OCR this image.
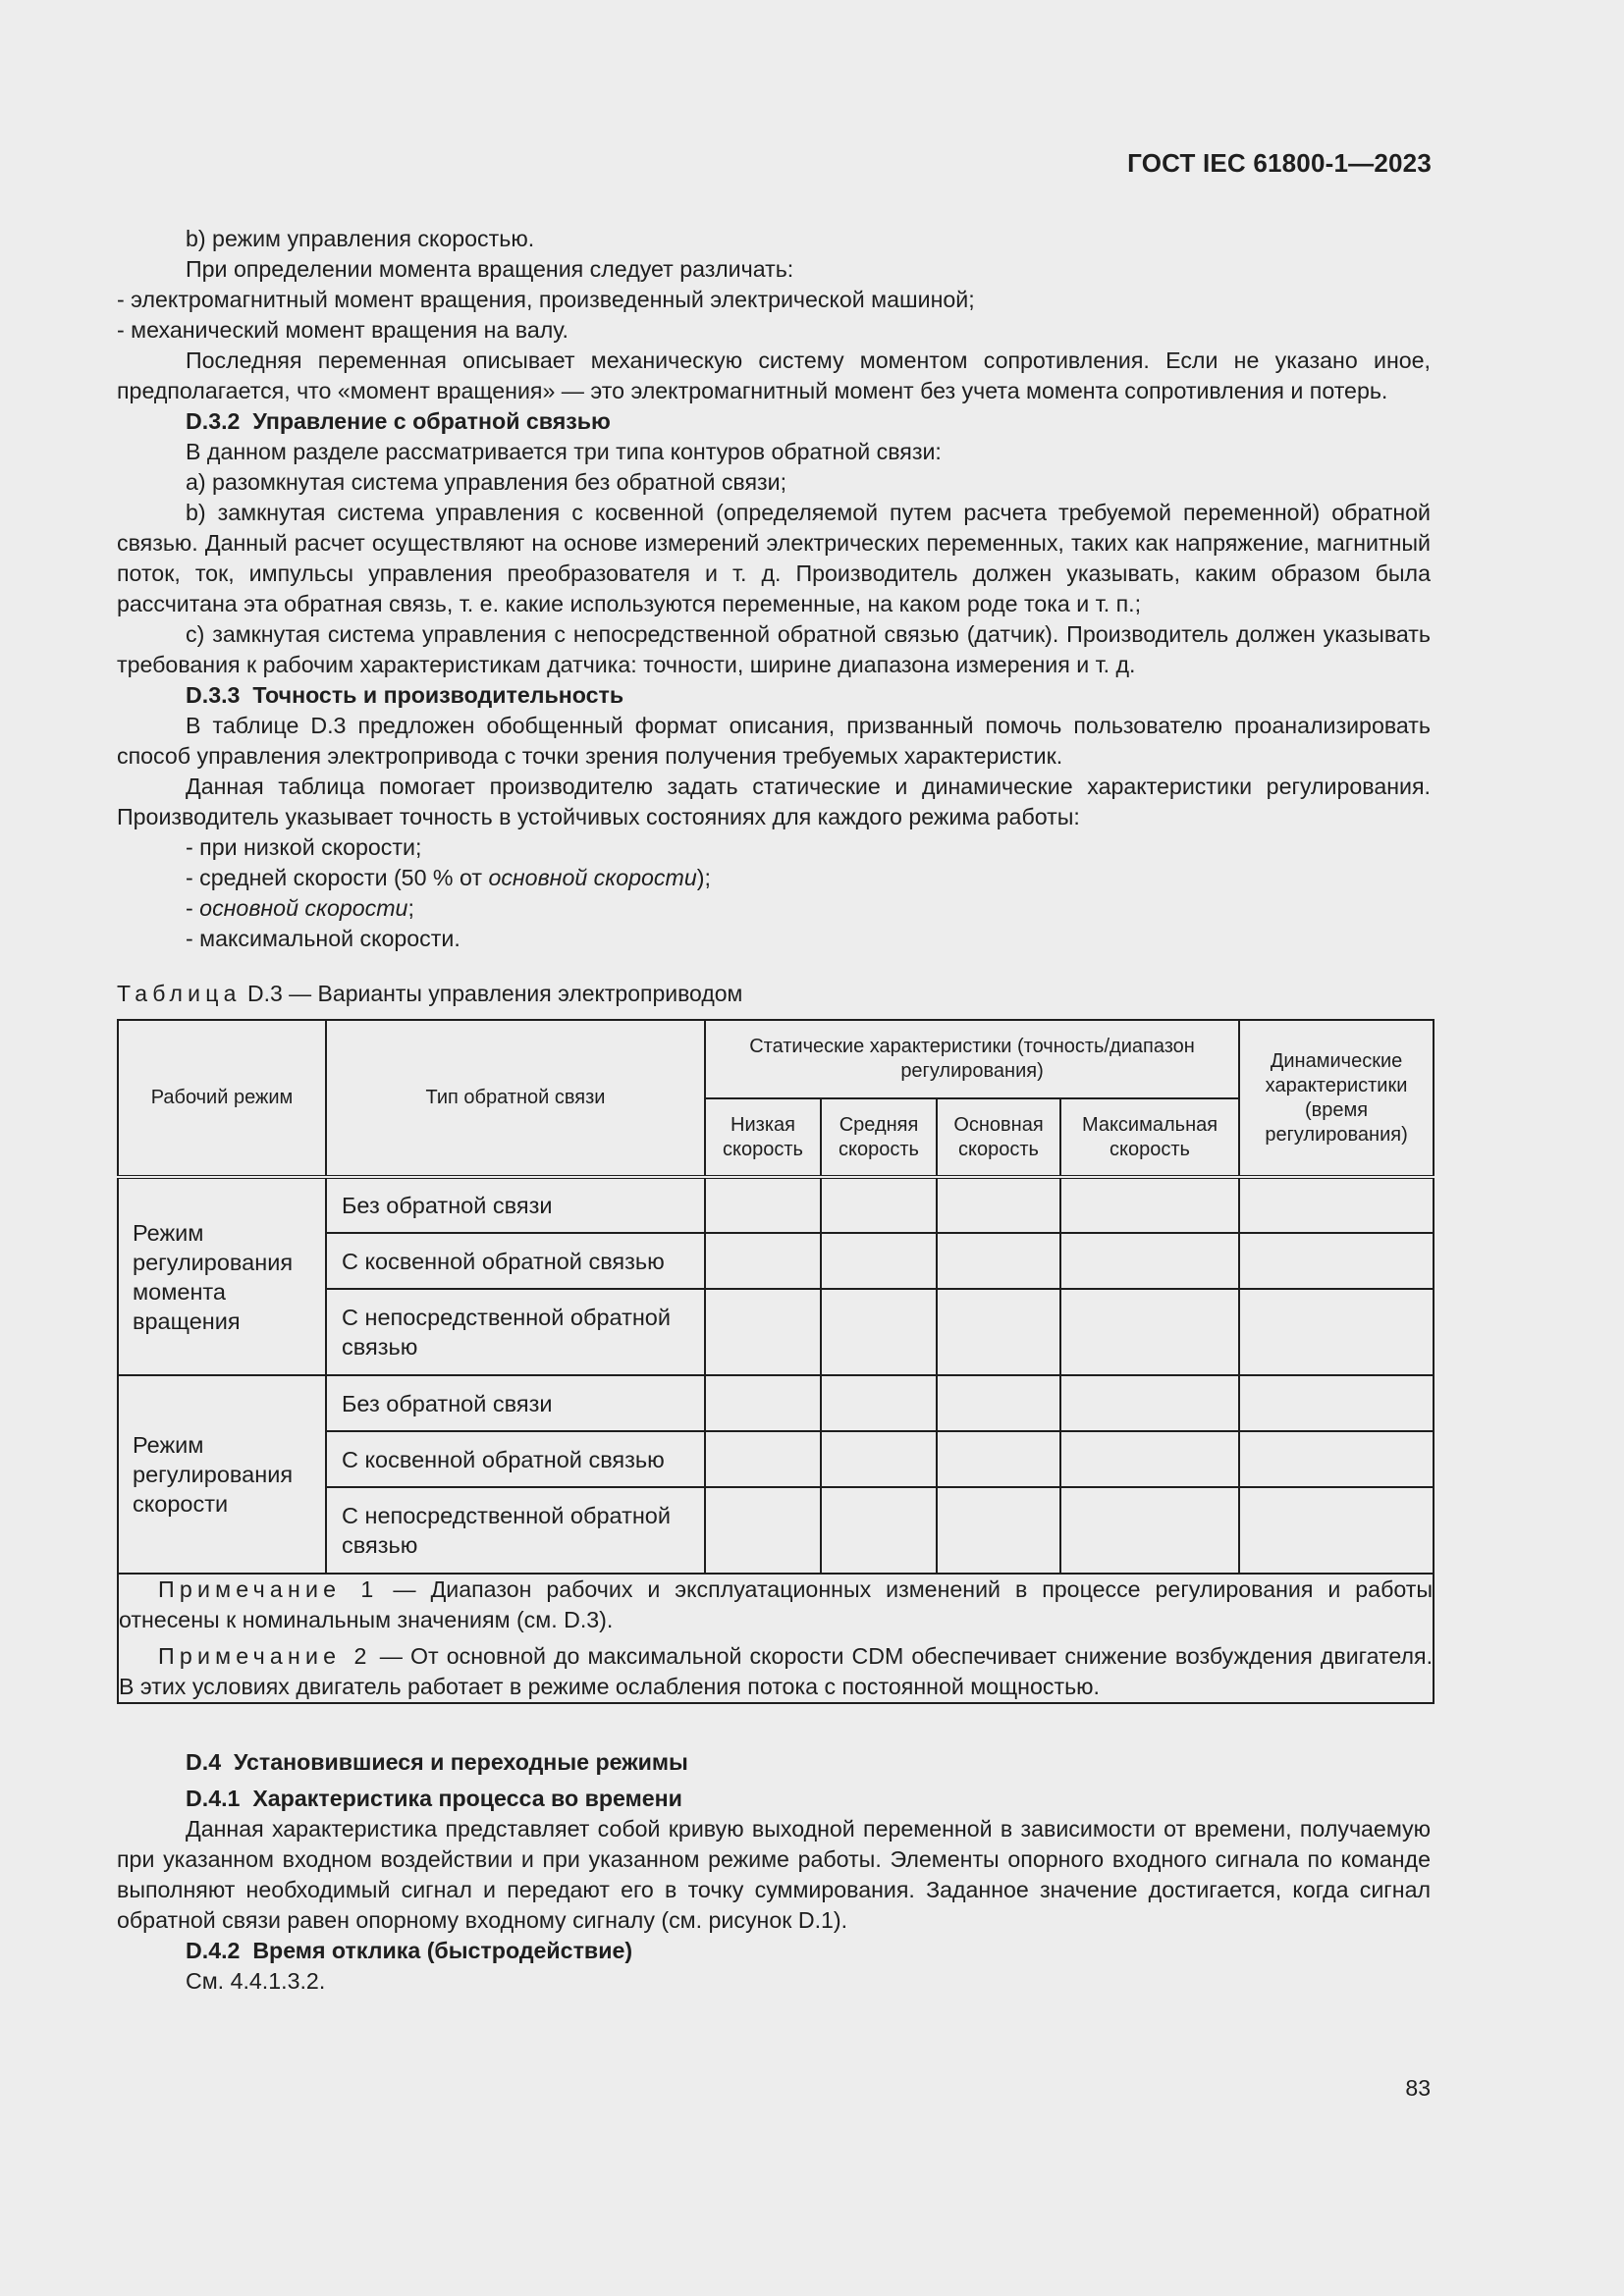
ГОСТ IEC 61800-1—2023

b) режим управления скоростью.

При определении момента вращения следует различать:

- электромагнитный момент вращения, произведенный электрической машиной;

- механический момент вращения на валу.

Последняя переменная описывает механическую систему моментом сопротивления. Если не указано иное, предполагается, что «момент вращения» — это электромагнитный момент без учета момента сопротивления и потерь.

D.3.2 Управление с обратной связью

В данном разделе рассматривается три типа контуров обратной связи:

a) разомкнутая система управления без обратной связи;

b) замкнутая система управления с косвенной (определяемой путем расчета требуемой переменной) обратной связью. Данный расчет осуществляют на основе измерений электрических переменных, таких как напряжение, магнитный поток, ток, импульсы управления преобразователя и т. д. Производитель должен указывать, каким образом была рассчитана эта обратная связь, т. е. какие используются переменные, на каком роде тока и т. п.;

c) замкнутая система управления с непосредственной обратной связью (датчик). Производитель должен указывать требования к рабочим характеристикам датчика: точности, ширине диапазона измерения и т. д.

D.3.3 Точность и производительность

В таблице D.3 предложен обобщенный формат описания, призванный помочь пользователю проанализировать способ управления электропривода с точки зрения получения требуемых характеристик.

Данная таблица помогает производителю задать статические и динамические характеристики регулирования. Производитель указывает точность в устойчивых состояниях для каждого режима работы:

- при низкой скорости;

- средней скорости (50 % от основной скорости);

- основной скорости;

- максимальной скорости.

Таблица D.3 — Варианты управления электроприводом

Рабочий режим	Тип обратной связи	Статические характеристики (точность/диапазон регулирования)				Динамические характеристики (время регулирования)
		Низкая скорость	Средняя скорость	Основная скорость	Максимальная скорость	
Режим регулирования момента вращения	Без обратной связи					
	С косвенной обратной связью					
	С непосредственной обратной связью					
Режим регулирования скорости	Без обратной связи					
	С косвенной обратной связью					
	С непосредственной обратной связью					

Примечание 1 — Диапазон рабочих и эксплуатационных изменений в процессе регулирования и работы отнесены к номинальным значениям (см. D.3).

Примечание 2 — От основной до максимальной скорости CDM обеспечивает снижение возбуждения двигателя. В этих условиях двигатель работает в режиме ослабления потока с постоянной мощностью.						

D.4 Установившиеся и переходные режимы

D.4.1 Характеристика процесса во времени

Данная характеристика представляет собой кривую выходной переменной в зависимости от времени, получаемую при указанном входном воздействии и при указанном режиме работы. Элементы опорного входного сигнала по команде выполняют необходимый сигнал и передают его в точку суммирования. Заданное значение достигается, когда сигнал обратной связи равен опорному входному сигналу (см. рисунок D.1).

D.4.2 Время отклика (быстродействие)

См. 4.4.1.3.2.

83
